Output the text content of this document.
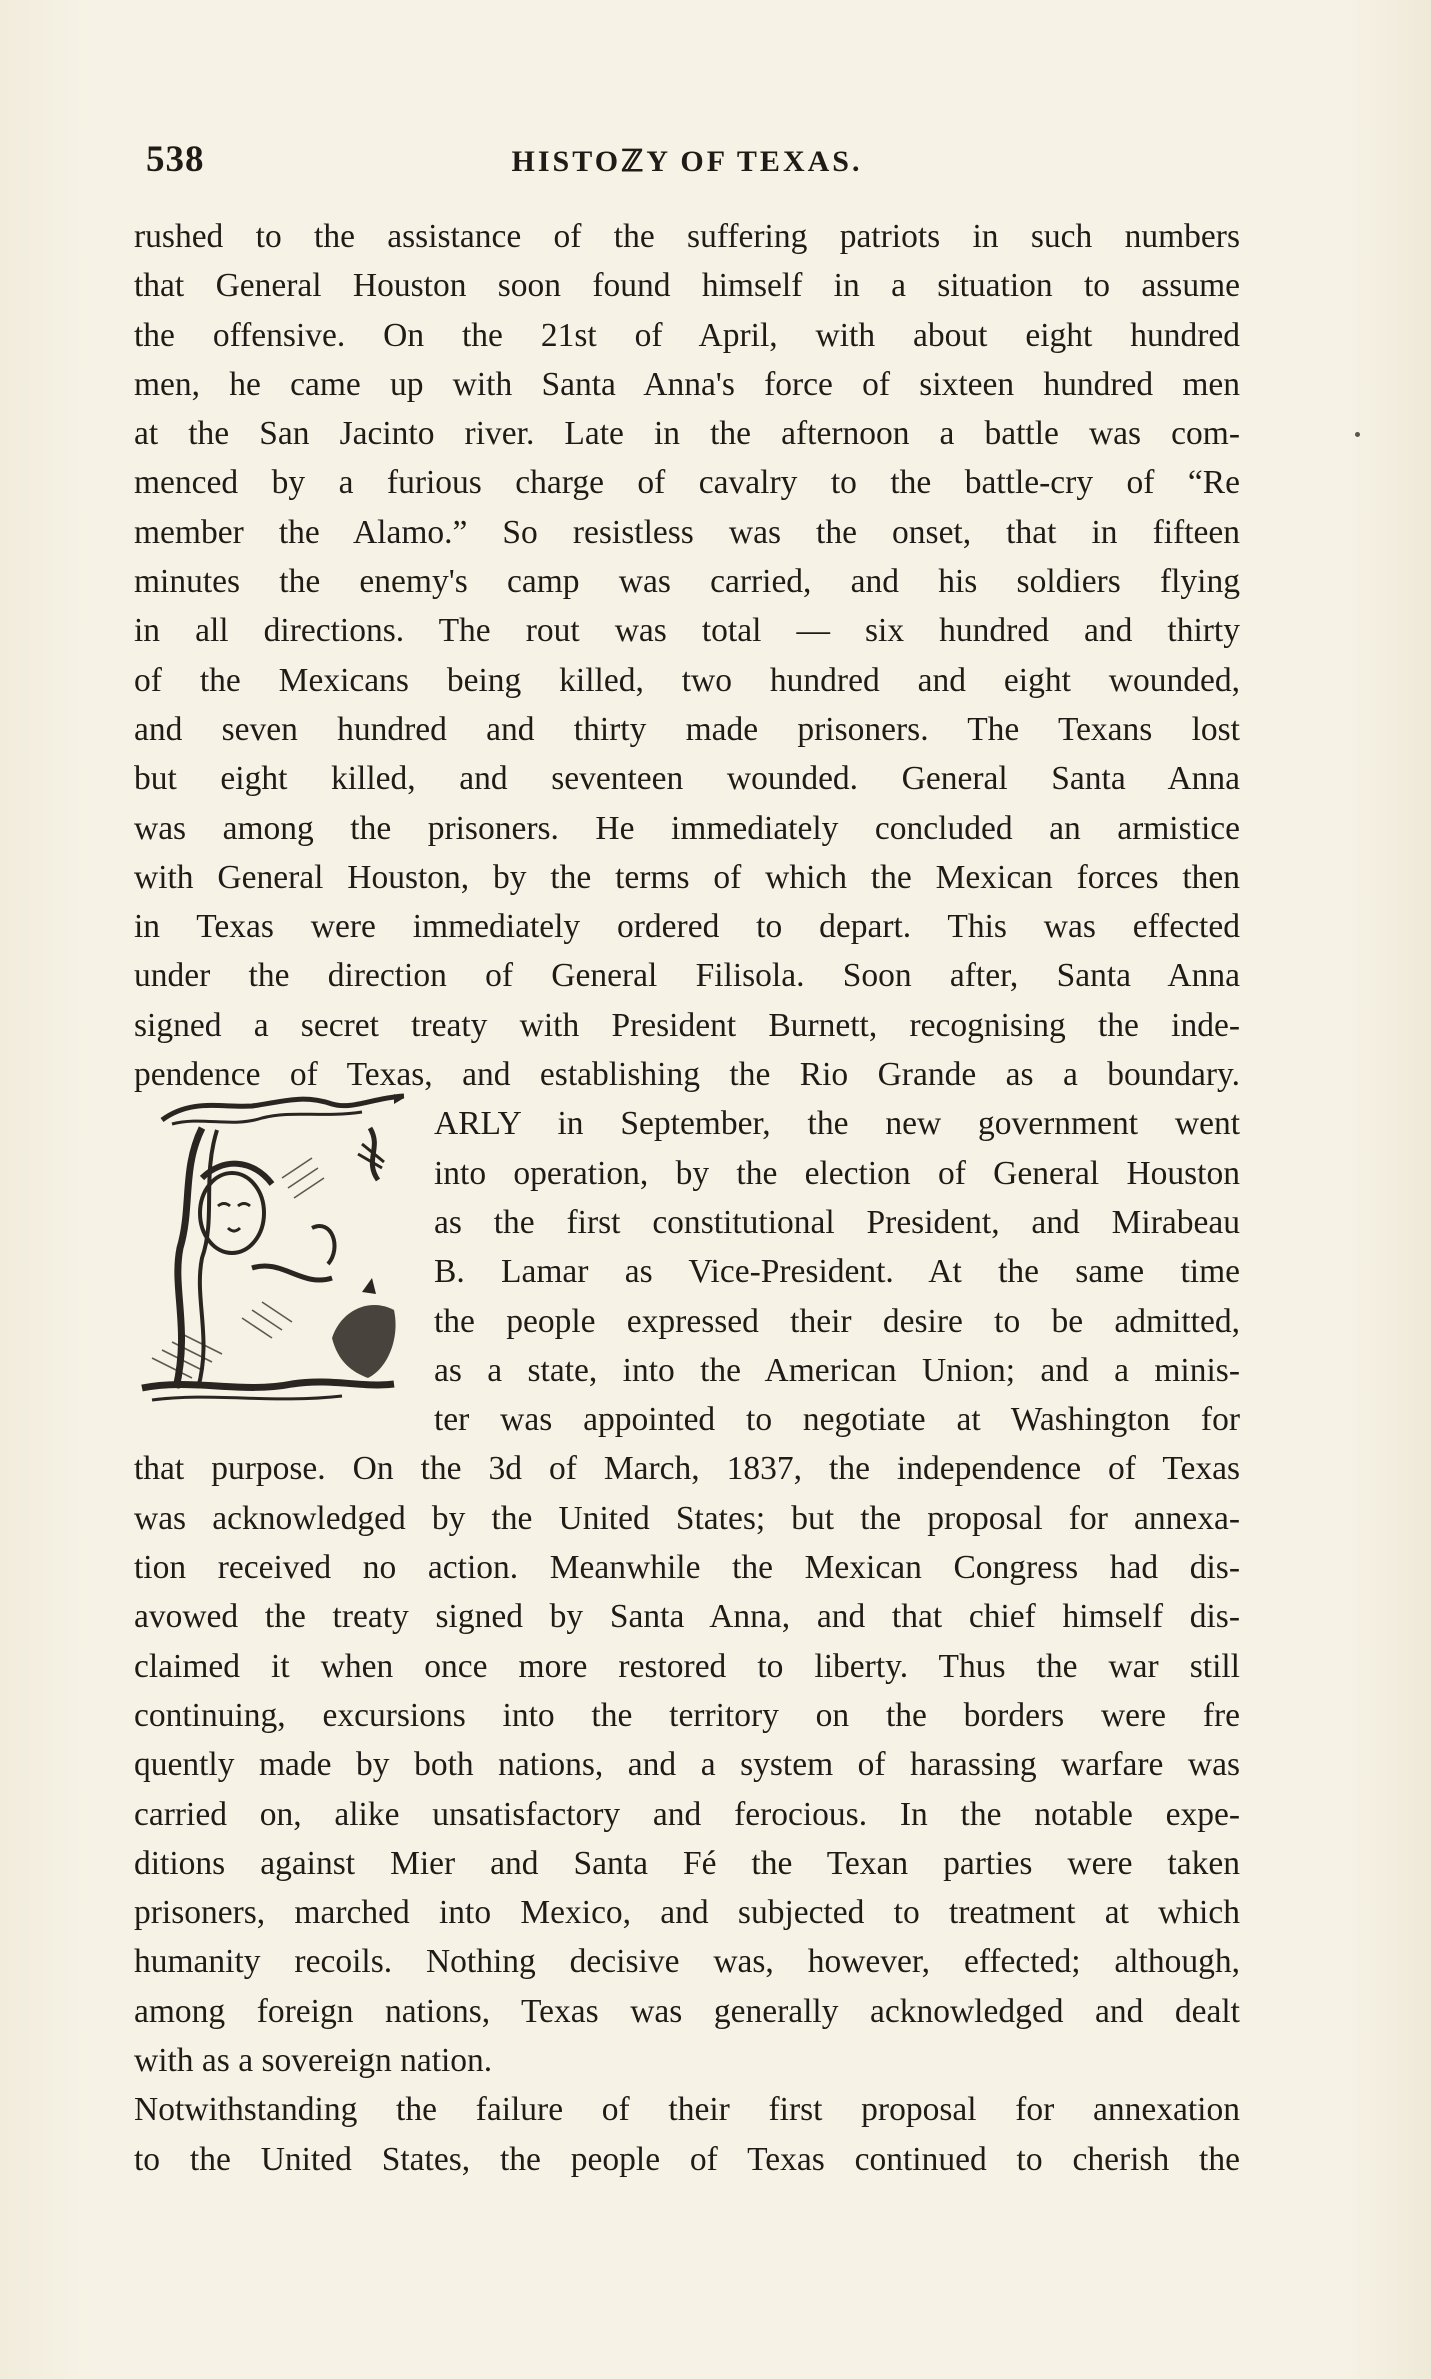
538	HISTOℤY OF TEXAS.
rushed to the assistance of the suffering patriots in such numbers
that General Houston soon found himself in a situation to assume
the offensive. On the 21st of April, with about eight hundred
men, he came up with Santa Anna's force of sixteen hundred men
at the San Jacinto river. Late in the afternoon a battle was com-
menced by a furious charge of cavalry to the battle-cry of “Re
member the Alamo.” So resistless was the onset, that in fifteen
minutes the enemy's camp was carried, and his soldiers flying
in all directions. The rout was total — six hundred and thirty
of the Mexicans being killed, two hundred and eight wounded,
and seven hundred and thirty made prisoners. The Texans lost
but eight killed, and seventeen wounded. General Santa Anna
was among the prisoners. He immediately concluded an armistice
with General Houston, by the terms of which the Mexican forces then
in Texas were immediately ordered to depart. This was effected
under the direction of General Filisola. Soon after, Santa Anna
signed a secret treaty with President Burnett, recognising the inde-
pendence of Texas, and establishing the Rio Grande as a boundary.
ARLY in September, the new government went
into operation, by the election of General Houston
as the first constitutional President, and Mirabeau
B. Lamar as Vice-President. At the same time
the people expressed their desire to be admitted,
as a state, into the American Union; and a minis-
ter was appointed to negotiate at Washington for
that purpose. On the 3d of March, 1837, the independence of Texas
was acknowledged by the United States; but the proposal for annexa-
tion received no action. Meanwhile the Mexican Congress had dis-
avowed the treaty signed by Santa Anna, and that chief himself dis-
claimed it when once more restored to liberty. Thus the war still
continuing, excursions into the territory on the borders were fre
quently made by both nations, and a system of harassing warfare was
carried on, alike unsatisfactory and ferocious. In the notable expe-
ditions against Mier and Santa Fé the Texan parties were taken
prisoners, marched into Mexico, and subjected to treatment at which
humanity recoils. Nothing decisive was, however, effected; although,
among foreign nations, Texas was generally acknowledged and dealt
with as a sovereign nation.
Notwithstanding the failure of their first proposal for annexation
to the United States, the people of Texas continued to cherish the
